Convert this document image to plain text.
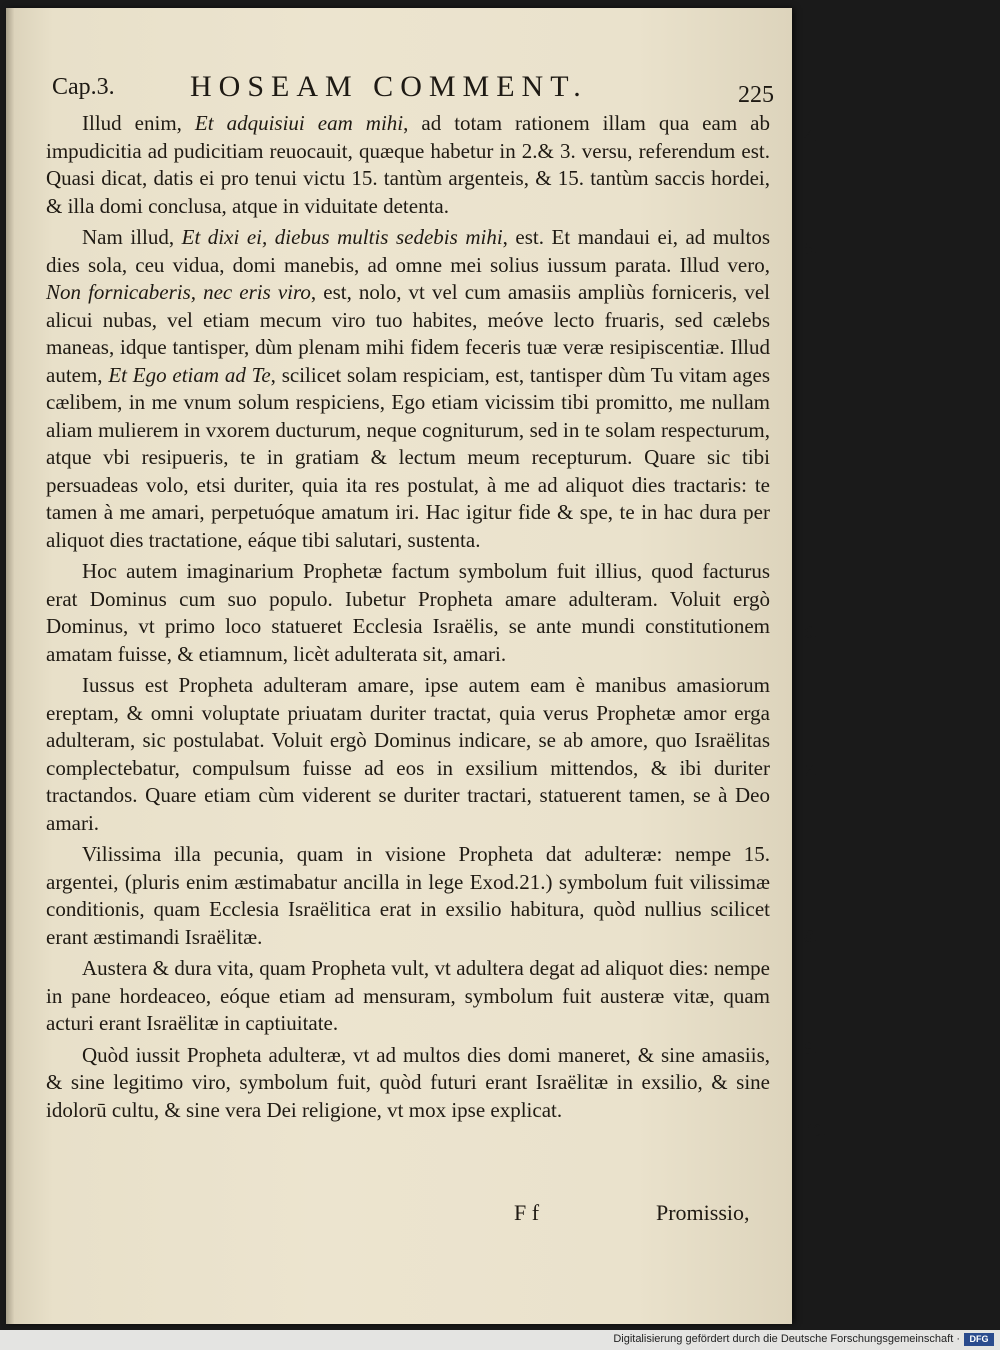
Cap.3.	HOSEAM COMMENT.	225

Illud enim, Et adquisiui eam mihi, ad totam rationem illam qua eam ab impudicitia ad pudicitiam reuocauit, quæque habetur in 2.& 3. versu, referendum est. Quasi dicat, datis ei pro tenui victu 15. tantùm argenteis, & 15. tantùm saccis hordei, & illa domi conclusa, atque in viduitate detenta.

Nam illud, Et dixi ei, diebus multis sedebis mihi, est. Et mandaui ei, ad multos dies sola, ceu vidua, domi manebis, ad omne mei solius iussum parata. Illud vero, Non fornicaberis, nec eris viro, est, nolo, vt vel cum amasiis ampliùs forniceris, vel alicui nubas, vel etiam mecum viro tuo habites, meóve lecto fruaris, sed cælebs maneas, idque tantisper, dùm plenam mihi fidem feceris tuæ veræ resipiscentiæ. Illud autem, Et Ego etiam ad Te, scilicet solam respiciam, est, tantisper dùm Tu vitam ages cælibem, in me vnum solum respiciens, Ego etiam vicissim tibi promitto, me nullam aliam mulierem in vxorem ducturum, neque cogniturum, sed in te solam respecturum, atque vbi resipueris, te in gratiam & lectum meum recepturum. Quare sic tibi persuadeas volo, etsi duriter, quia ita res postulat, à me ad aliquot dies tractaris: te tamen à me amari, perpetuóque amatum iri. Hac igitur fide & spe, te in hac dura per aliquot dies tractatione, eáque tibi salutari, sustenta.

Hoc autem imaginarium Prophetæ factum symbolum fuit illius, quod facturus erat Dominus cum suo populo. Iubetur Propheta amare adulteram. Voluit ergò Dominus, vt primo loco statueret Ecclesia Israëlis, se ante mundi constitutionem amatam fuisse, & etiamnum, licèt adulterata sit, amari.

Iussus est Propheta adulteram amare, ipse autem eam è manibus amasiorum ereptam, & omni voluptate priuatam duriter tractat, quia verus Prophetæ amor erga adulteram, sic postulabat. Voluit ergò Dominus indicare, se ab amore, quo Israëlitas complectebatur, compulsum fuisse ad eos in exsilium mittendos, & ibi duriter tractandos. Quare etiam cùm viderent se duriter tractari, statuerent tamen, se à Deo amari.

Vilissima illa pecunia, quam in visione Propheta dat adulteræ: nempe 15. argentei, (pluris enim æstimabatur ancilla in lege Exod.21.) symbolum fuit vilissimæ conditionis, quam Ecclesia Israëlitica erat in exsilio habitura, quòd nullius scilicet erant æstimandi Israëlitæ.

Austera & dura vita, quam Propheta vult, vt adultera degat ad aliquot dies: nempe in pane hordeaceo, eóque etiam ad mensuram, symbolum fuit austeræ vitæ, quam acturi erant Israëlitæ in captiuitate.

Quòd iussit Propheta adulteræ, vt ad multos dies domi maneret, & sine amasiis, & sine legitimo viro, symbolum fuit, quòd futuri erant Israëlitæ in exsilio, & sine idolorū cultu, & sine vera Dei religione, vt mox ipse explicat.

4.
5.
6.
7.
8.
9.
10.
F f	Promissio,
Digitalisierung gefördert durch die Deutsche Forschungsgemeinschaft ·	DFG
